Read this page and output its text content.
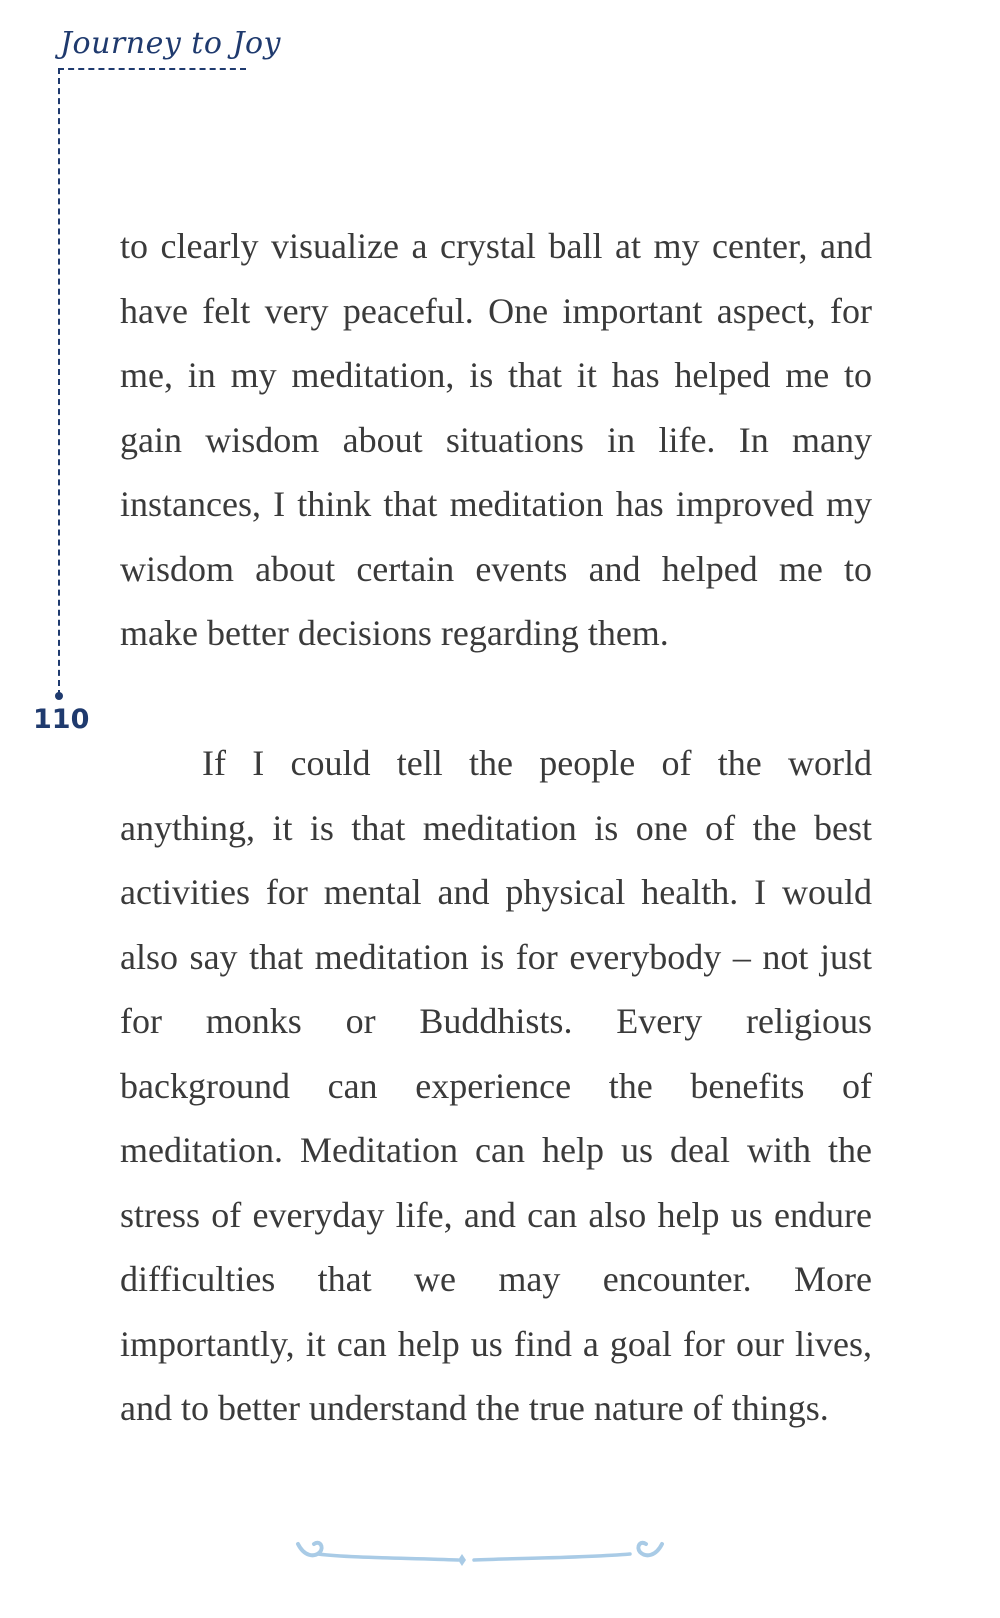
Journey to Joy
110

to clearly visualize a crystal ball at my center, and have felt very peaceful. One important aspect, for me, in my meditation, is that it has helped me to gain wisdom about situations in life. In many instances, I think that meditation has improved my wisdom about certain events and helped me to make better decisions regarding them.

If I could tell the people of the world anything, it is that meditation is one of the best activities for mental and physical health. I would also say that meditation is for everybody – not just for monks or Buddhists. Every religious background can experience the benefits of meditation. Meditation can help us deal with the stress of everyday life, and can also help us endure difficulties that we may encounter. More importantly, it can help us find a goal for our lives, and to better understand the true nature of things.
